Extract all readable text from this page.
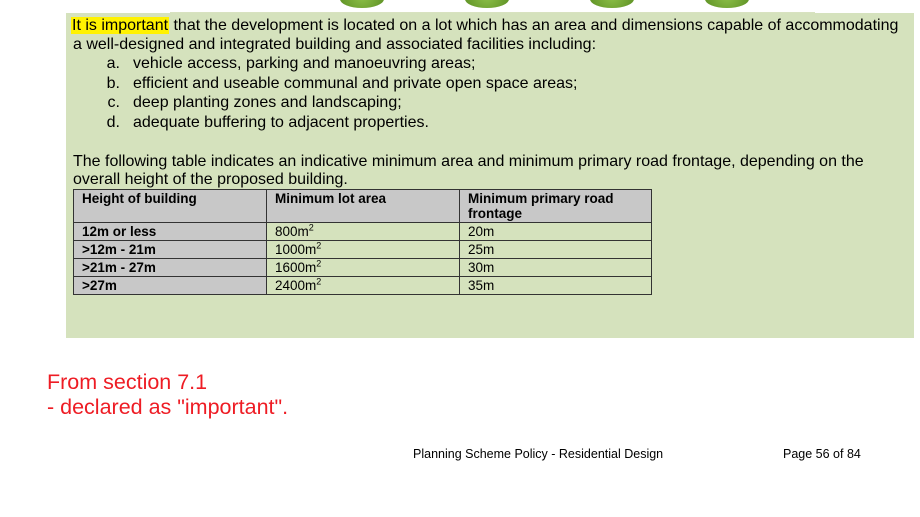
It is important that the development is located on a lot which has an area and dimensions capable of accommodating a well-designed and integrated building and associated facilities including:

a. vehicle access, parking and manoeuvring areas;
b. efficient and useable communal and private open space areas;
c. deep planting zones and landscaping;
d. adequate buffering to adjacent properties.

The following table indicates an indicative minimum area and minimum primary road frontage, depending on the overall height of the proposed building.

Height of building	Minimum lot area	Minimum primary road frontage
12m or less	$800m^2$	20m
>12m - 21m	$1000m^2$	25m
>21m - 27m	$1600m^2$	30m
>27m	$2400m^2$	35m
From section 7.1
- declared as "important".
Planning Scheme Policy - Residential Design	Page 56 of 84
